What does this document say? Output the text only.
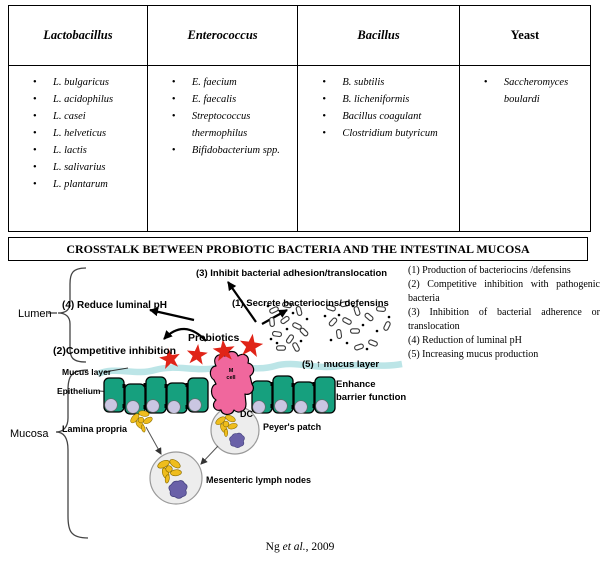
Lactobacillus
• L. bulgaricus
• L. acidophilus
• L. casei
• L. helveticus
• L. lactis
• L. salivarius
• L. plantarum
Enterococcus
• E. faecium
• E. faecalis
• Streptococcus thermophilus
• Bifidobacterium spp.
Bacillus
• B. subtilis
• B. licheniformis
• Bacillus coagulant
• Clostridium butyricum
Yeast
• Saccheromyces boulardi
CROSSTALK BETWEEN PROBIOTIC BACTERIA AND THE INTESTINAL MUCOSA
M
cell
Lumen
Mucosa
(3) Inhibit bacterial adhesion/translocation
(1) Secrete bacteriocins/ defensins
(4) Reduce luminal pH
Probiotics
(2)Competitive inhibition
(5) ↑ mucus layer
Mucus layer
Epithelium
Enhance
barrier function
DC
Peyer's patch
Lamina propria
Mesenteric lymph nodes

(1) Production of bacteriocins /defensins

(2) Competitive inhibition with pathogenic bacteria

(3) Inhibition of bacterial adherence or translocation

(4) Reduction of luminal pH

(5) Increasing mucus production

Ng et al., 2009
